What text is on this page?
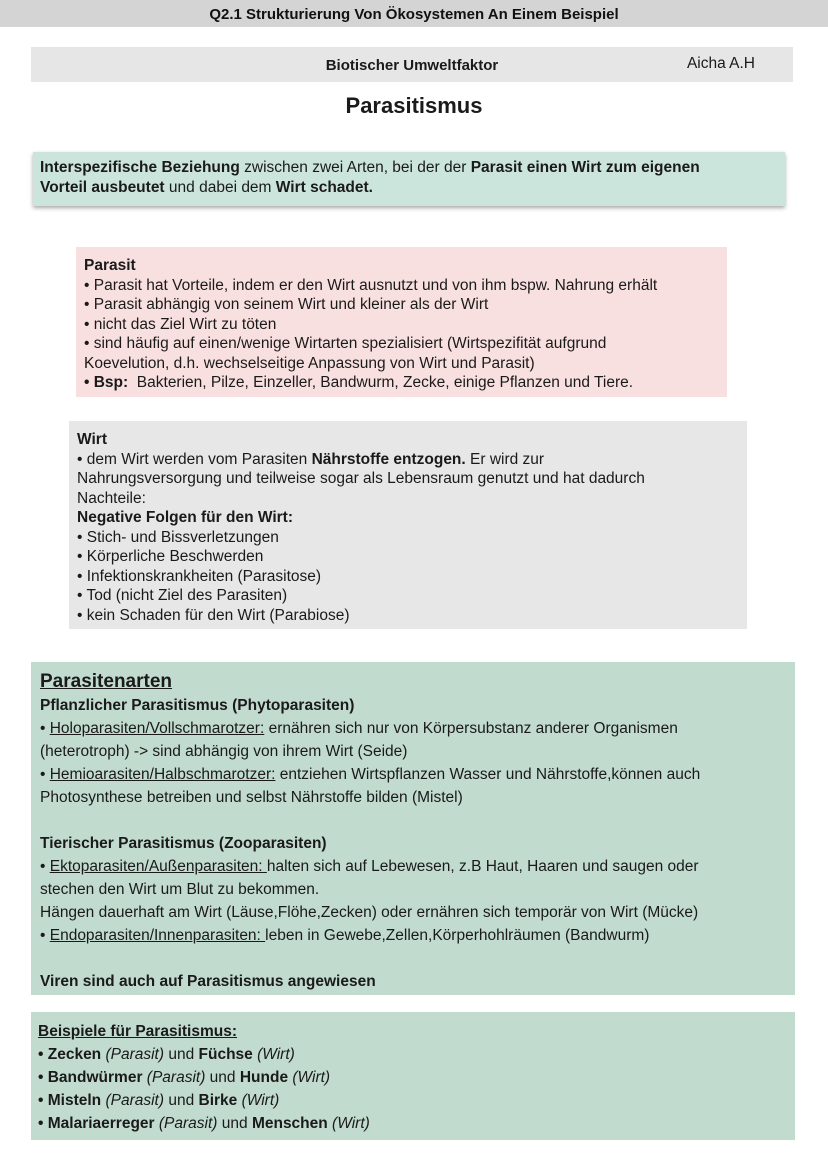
Q2.1 Strukturierung Von Ökosystemen An Einem Beispiel
Biotischer Umweltfaktor	Aicha A.H
Parasitismus
Interspezifische Beziehung zwischen zwei Arten, bei der der Parasit einen Wirt zum eigenen
Vorteil ausbeutet und dabei dem Wirt schadet.
Parasit
• Parasit hat Vorteile, indem er den Wirt ausnutzt und von ihm bspw. Nahrung erhält
• Parasit abhängig von seinem Wirt und kleiner als der Wirt
• nicht das Ziel Wirt zu töten
• sind häufig auf einen/wenige Wirtarten spezialisiert (Wirtspezifität aufgrund
Koevelution, d.h. wechselseitige Anpassung von Wirt und Parasit)
• Bsp:  Bakterien, Pilze, Einzeller, Bandwurm, Zecke, einige Pflanzen und Tiere.
Wirt
• dem Wirt werden vom Parasiten Nährstoffe entzogen. Er wird zur
Nahrungsversorgung und teilweise sogar als Lebensraum genutzt und hat dadurch
Nachteile:
Negative Folgen für den Wirt:
• Stich- und Bissverletzungen
• Körperliche Beschwerden
• Infektionskrankheiten (Parasitose)
• Tod (nicht Ziel des Parasiten)
• kein Schaden für den Wirt (Parabiose)
Parasitenarten
Pflanzlicher Parasitismus (Phytoparasiten)
• Holoparasiten/Vollschmarotzer: ernähren sich nur von Körpersubstanz anderer Organismen
(heterotroph) -> sind abhängig von ihrem Wirt (Seide)
• Hemioarasiten/Halbschmarotzer: entziehen Wirtspflanzen Wasser und Nährstoffe,können auch
Photosynthese betreiben und selbst Nährstoffe bilden (Mistel)
Tierischer Parasitismus (Zooparasiten)
• Ektoparasiten/Außenparasiten: halten sich auf Lebewesen, z.B Haut, Haaren und saugen oder
stechen den Wirt um Blut zu bekommen.
Hängen dauerhaft am Wirt (Läuse,Flöhe,Zecken) oder ernähren sich temporär von Wirt (Mücke)
• Endoparasiten/Innenparasiten: leben in Gewebe,Zellen,Körperhohlräumen (Bandwurm)
Viren sind auch auf Parasitismus angewiesen
Beispiele für Parasitismus:
• Zecken (Parasit) und Füchse (Wirt)
• Bandwürmer (Parasit) und Hunde (Wirt)
• Misteln (Parasit) und Birke (Wirt)
• Malariaerreger (Parasit) und Menschen (Wirt)
